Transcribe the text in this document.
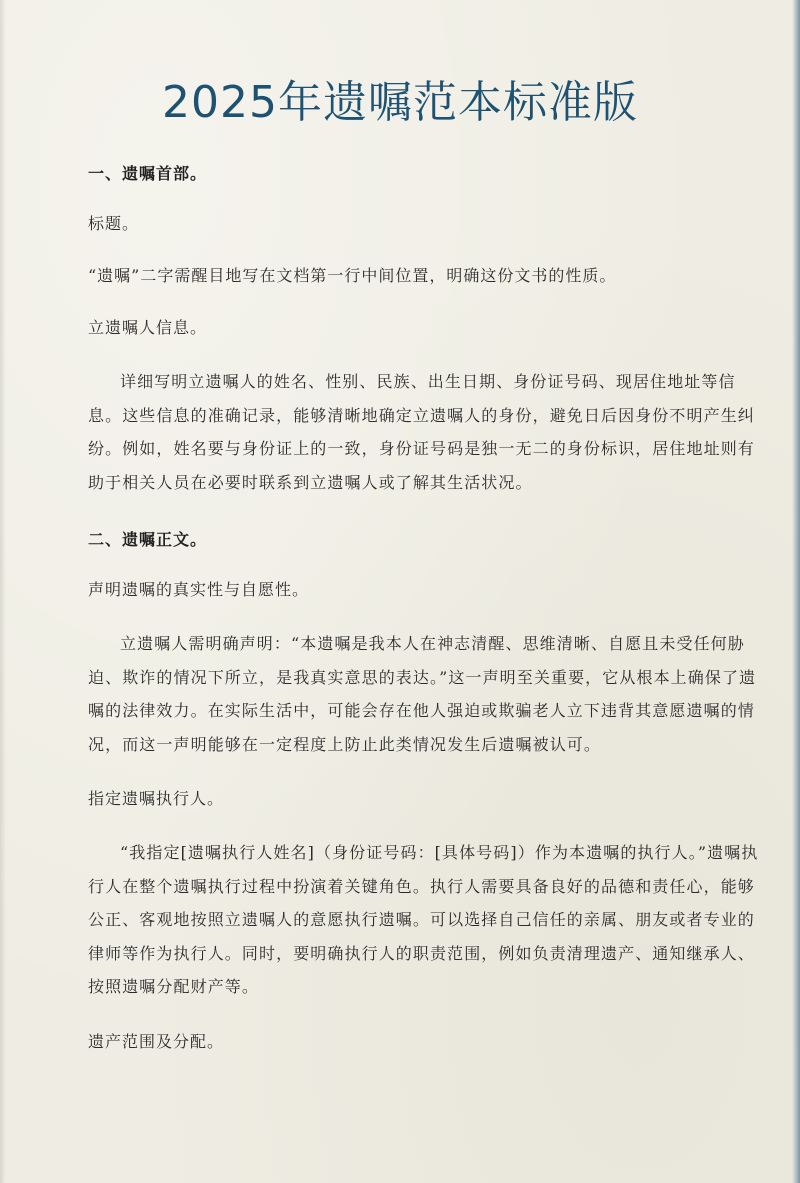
2025年遗嘱范本标准版

一、遗嘱首部。

标题。

“遗嘱”二字需醒目地写在文档第一行中间位置，明确这份文书的性质。

立遗嘱人信息。

详细写明立遗嘱人的姓名、性别、民族、出生日期、身份证号码、现居住地址等信息。这些信息的准确记录，能够清晰地确定立遗嘱人的身份，避免日后因身份不明产生纠纷。例如，姓名要与身份证上的一致，身份证号码是独一无二的身份标识，居住地址则有助于相关人员在必要时联系到立遗嘱人或了解其生活状况。

二、遗嘱正文。

声明遗嘱的真实性与自愿性。

立遗嘱人需明确声明：“本遗嘱是我本人在神志清醒、思维清晰、自愿且未受任何胁迫、欺诈的情况下所立，是我真实意思的表达。”这一声明至关重要，它从根本上确保了遗嘱的法律效力。在实际生活中，可能会存在他人强迫或欺骗老人立下违背其意愿遗嘱的情况，而这一声明能够在一定程度上防止此类情况发生后遗嘱被认可。

指定遗嘱执行人。

“我指定[遗嘱执行人姓名]（身份证号码：[具体号码]）作为本遗嘱的执行人。”遗嘱执行人在整个遗嘱执行过程中扮演着关键角色。执行人需要具备良好的品德和责任心，能够公正、客观地按照立遗嘱人的意愿执行遗嘱。可以选择自己信任的亲属、朋友或者专业的律师等作为执行人。同时，要明确执行人的职责范围，例如负责清理遗产、通知继承人、按照遗嘱分配财产等。

遗产范围及分配。
